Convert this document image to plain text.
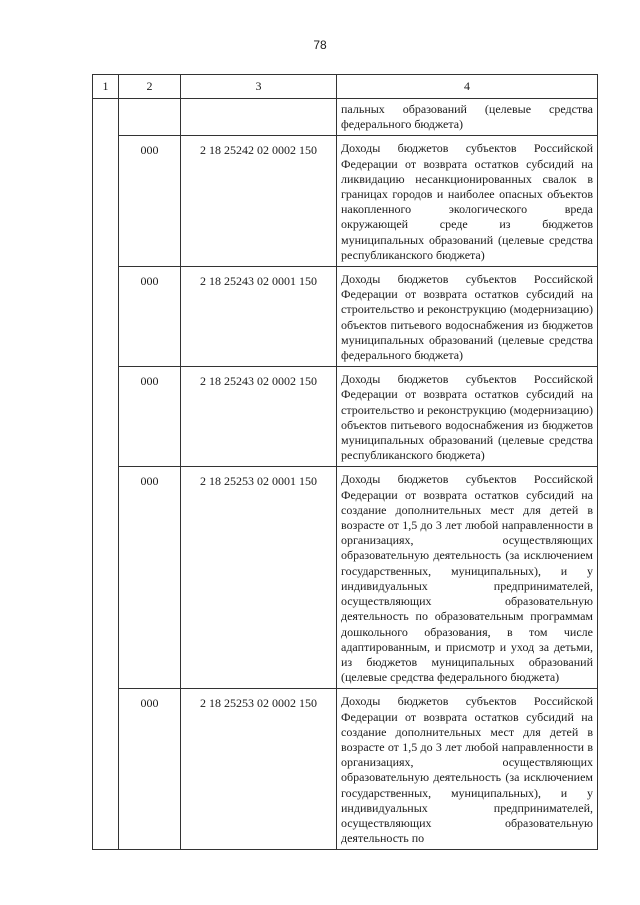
78
1	2	3	4
			пальных образований (целевые средства федерального бюджета)
	000	2 18 25242 02 0002 150	Доходы бюджетов субъектов Российской Федерации от возврата остатков субсидий на ликвидацию несанкционированных свалок в границах городов и наиболее опасных объектов накопленного экологического вреда окружающей среде из бюджетов муниципальных образований (целевые средства республиканского бюджета)
	000	2 18 25243 02 0001 150	Доходы бюджетов субъектов Российской Федерации от возврата остатков субсидий на строительство и реконструкцию (модернизацию) объектов питьевого водоснабжения из бюджетов муниципальных образований (целевые средства федерального бюджета)
	000	2 18 25243 02 0002 150	Доходы бюджетов субъектов Российской Федерации от возврата остатков субсидий на строительство и реконструкцию (модернизацию) объектов питьевого водоснабжения из бюджетов муниципальных образований (целевые средства республиканского бюджета)
	000	2 18 25253 02 0001 150	Доходы бюджетов субъектов Российской Федерации от возврата остатков субсидий на создание дополнительных мест для детей в возрасте от 1,5 до 3 лет любой направленности в организациях, осуществляющих образовательную деятельность (за исключением государственных, муниципальных), и у индивидуальных предпринимателей, осуществляющих образовательную деятельность по образовательным программам дошкольного образования, в том числе адаптированным, и присмотр и уход за детьми, из бюджетов муниципальных образований (целевые средства федерального бюджета)
	000	2 18 25253 02 0002 150	Доходы бюджетов субъектов Российской Федерации от возврата остатков субсидий на создание дополнительных мест для детей в возрасте от 1,5 до 3 лет любой направленности в организациях, осуществляющих образовательную деятельность (за исключением государственных, муниципальных), и у индивидуальных предпринимателей, осуществляющих образовательную деятельность по
